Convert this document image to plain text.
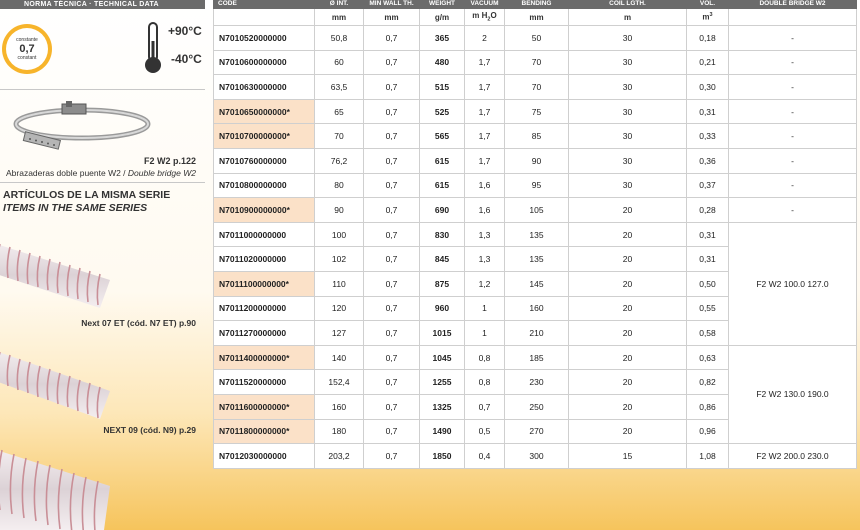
NORMA TÉCNICA · TECHNICAL DATA
constante
0,7
constant
+90°C
-40°C
F2 W2 p.122
Abrazaderas doble puente W2 / Double bridge W2
ARTÍCULOS DE LA MISMA SERIE
ITEMS IN THE SAME SERIES
Next 07 ET (cód. N7 ET) p.90
NEXT 09 (cód. N9) p.29
CODE	Ø INT.	MIN WALL TH.	WEIGHT	VACUUM	BENDING	COIL LGTH.	VOL.	DOUBLE BRIDGE W2
	mm	mm	g/m	m $H_2O$	mm	m	$m^3$	
N7010520000000	50,8	0,7	365	2	50	30	0,18	-
N7010600000000	60	0,7	480	1,7	70	30	0,21	-
N7010630000000	63,5	0,7	515	1,7	70	30	0,30	-
N7010650000000*	65	0,7	525	1,7	75	30	0,31	-
N7010700000000*	70	0,7	565	1,7	85	30	0,33	-
N7010760000000	76,2	0,7	615	1,7	90	30	0,36	-
N7010800000000	80	0,7	615	1,6	95	30	0,37	-
N7010900000000*	90	0,7	690	1,6	105	20	0,28	-
N7011000000000	100	0,7	830	1,3	135	20	0,31	F2 W2 100.0 127.0
N7011020000000	102	0,7	845	1,3	135	20	0,31	
N7011100000000*	110	0,7	875	1,2	145	20	0,50	
N7011200000000	120	0,7	960	1	160	20	0,55	
N7011270000000	127	0,7	1015	1	210	20	0,58	
N7011400000000*	140	0,7	1045	0,8	185	20	0,63	F2 W2 130.0 190.0
N7011520000000	152,4	0,7	1255	0,8	230	20	0,82	
N7011600000000*	160	0,7	1325	0,7	250	20	0,86	
N7011800000000*	180	0,7	1490	0,5	270	20	0,96	
N7012030000000	203,2	0,7	1850	0,4	300	15	1,08	F2 W2 200.0 230.0
